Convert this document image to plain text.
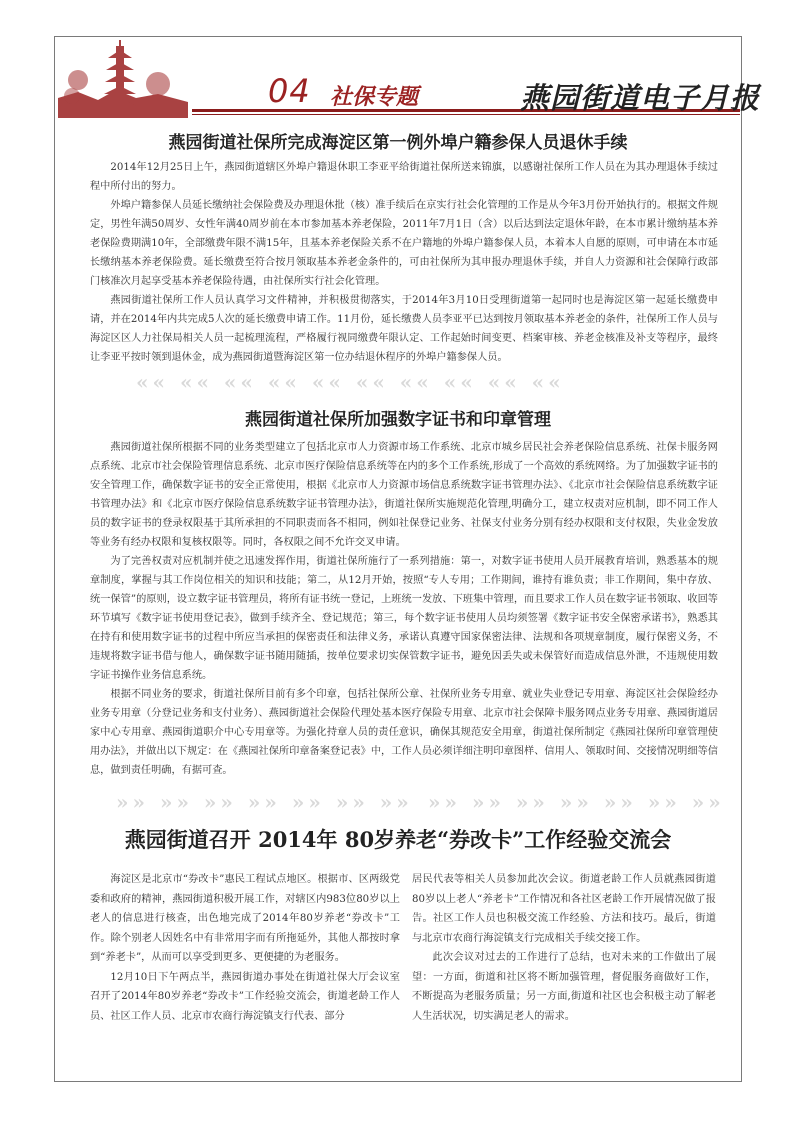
04 社保专题	燕园街道电子月报
燕园街道社保所完成海淀区第一例外埠户籍参保人员退休手续

2014年12月25日上午，燕园街道辖区外埠户籍退休职工李亚平给街道社保所送来锦旗，以感谢社保所工作人员在为其办理退休手续过程中所付出的努力。

外埠户籍参保人员延长缴纳社会保险费及办理退休批（核）准手续后在京实行社会化管理的工作是从今年3月份开始执行的。根据文件规定，男性年满50周岁、女性年满40周岁前在本市参加基本养老保险，2011年7月1日（含）以后达到法定退休年龄，在本市累计缴纳基本养老保险费期满10年，全部缴费年限不满15年，且基本养老保险关系不在户籍地的外埠户籍参保人员，本着本人自愿的原则，可申请在本市延长缴纳基本养老保险费。延长缴费至符合按月领取基本养老金条件的，可由社保所为其申报办理退休手续，并自人力资源和社会保障行政部门核准次月起享受基本养老保险待遇，由社保所实行社会化管理。

燕园街道社保所工作人员认真学习文件精神，并积极贯彻落实，于2014年3月10日受理街道第一起同时也是海淀区第一起延长缴费申请，并在2014年内共完成5人次的延长缴费申请工作。11月份，延长缴费人员李亚平已达到按月领取基本养老金的条件，社保所工作人员与海淀区区人力社保局相关人员一起梳理流程，严格履行视同缴费年限认定、工作起始时间变更、档案审核、养老金核准及补支等程序，最终让李亚平按时领到退休金，成为燕园街道暨海淀区第一位办结退休程序的外埠户籍参保人员。

«« «« «« «« «« «« «« «« «« ««
燕园街道社保所加强数字证书和印章管理

燕园街道社保所根据不同的业务类型建立了包括北京市人力资源市场工作系统、北京市城乡居民社会养老保险信息系统、社保卡服务网点系统、北京市社会保险管理信息系统、北京市医疗保险信息系统等在内的多个工作系统,形成了一个高效的系统网络。为了加强数字证书的安全管理工作，确保数字证书的安全正常使用，根据《北京市人力资源市场信息系统数字证书管理办法》、《北京市社会保险信息系统数字证书管理办法》和《北京市医疗保险信息系统数字证书管理办法》，街道社保所实施规范化管理,明确分工，建立权责对应机制，即不同工作人员的数字证书的登录权限基于其所承担的不同职责而各不相同，例如社保登记业务、社保支付业务分别有经办权限和支付权限，失业金发放等业务有经办权限和复核权限等。同时，各权限之间不允许交叉申请。

为了完善权责对应机制并使之迅速发挥作用，街道社保所施行了一系列措施：第一，对数字证书使用人员开展教育培训，熟悉基本的规章制度，掌握与其工作岗位相关的知识和技能；第二，从12月开始，按照“专人专用；工作期间，谁持有谁负责；非工作期间，集中存放、统一保管”的原则，设立数字证书管理员，将所有证书统一登记，上班统一发放、下班集中管理，而且要求工作人员在数字证书领取、收回等环节填写《数字证书使用登记表》，做到手续齐全、登记规范；第三，每个数字证书使用人员均须签署《数字证书安全保密承诺书》，熟悉其在持有和使用数字证书的过程中所应当承担的保密责任和法律义务，承诺认真遵守国家保密法律、法规和各项规章制度，履行保密义务，不违规将数字证书借与他人，确保数字证书随用随插，按单位要求切实保管数字证书，避免因丢失或未保管好而造成信息外泄，不违规使用数字证书操作业务信息系统。

根据不同业务的要求，街道社保所目前有多个印章，包括社保所公章、社保所业务专用章、就业失业登记专用章、海淀区社会保险经办业务专用章（分登记业务和支付业务）、燕园街道社会保险代理处基本医疗保险专用章、北京市社会保障卡服务网点业务专用章、燕园街道居家中心专用章、燕园街道职介中心专用章等。为强化持章人员的责任意识，确保其规范安全用章，街道社保所制定《燕园社保所印章管理使用办法》，并做出以下规定：在《燕园社保所印章备案登记表》中，工作人员必须详细注明印章图样、信用人、领取时间、交接情况明细等信息，做到责任明确，有据可查。

»» »» »» »» »» »» »» »» »» »» »» »» »» »»
燕园街道召开 2014年 80岁养老“券改卡”工作经验交流会

海淀区是北京市“券改卡”惠民工程试点地区。根据市、区两级党委和政府的精神，燕园街道积极开展工作，对辖区内983位80岁以上老人的信息进行核查，出色地完成了2014年80岁养老“券改卡”工作。除个别老人因姓名中有非常用字而有所拖延外，其他人都按时拿到“养老卡”，从而可以享受到更多、更便捷的为老服务。

12月10日下午两点半，燕园街道办事处在街道社保大厅会议室召开了2014年80岁养老“券改卡”工作经验交流会，街道老龄工作人员、社区工作人员、北京市农商行海淀镇支行代表、部分

居民代表等相关人员参加此次会议。街道老龄工作人员就燕园街道80岁以上老人“养老卡”工作情况和各社区老龄工作开展情况做了报告。社区工作人员也积极交流工作经验、方法和技巧。最后，街道与北京市农商行海淀镇支行完成相关手续交接工作。

此次会议对过去的工作进行了总结，也对未来的工作做出了展望：一方面，街道和社区将不断加强管理，督促服务商做好工作，不断提高为老服务质量；另一方面,街道和社区也会积极主动了解老人生活状况，切实满足老人的需求。
